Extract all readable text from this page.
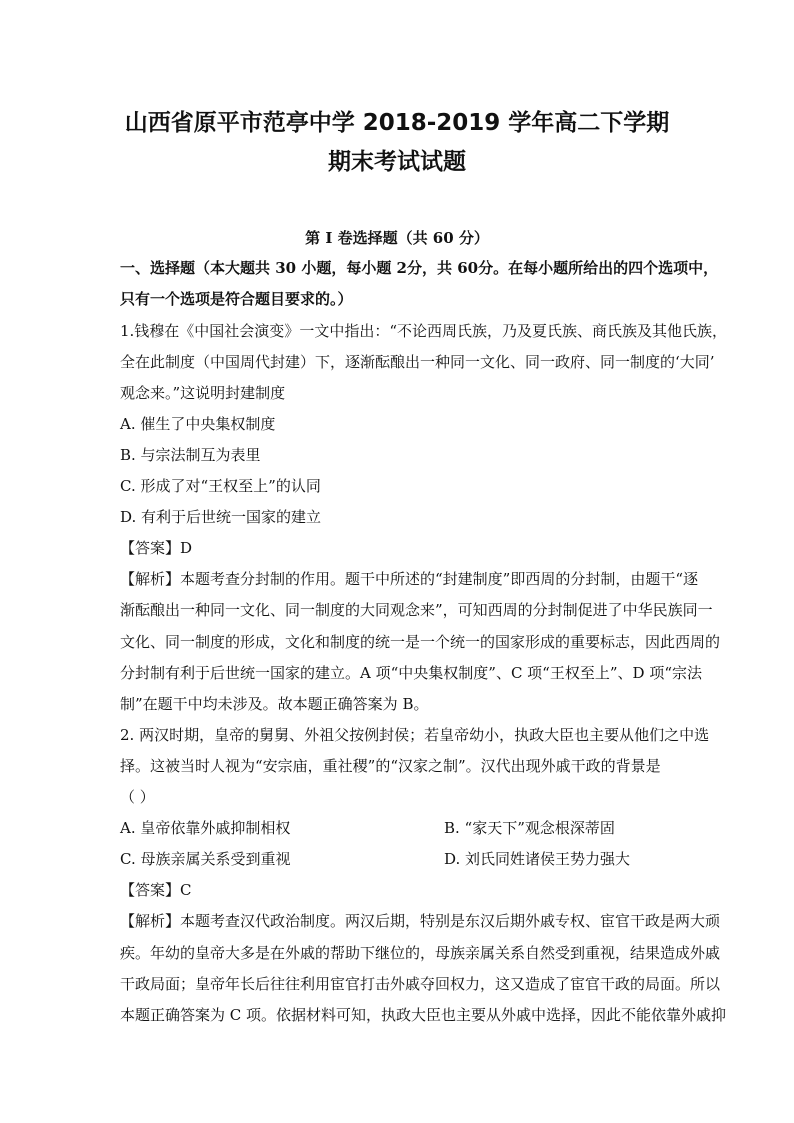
山西省原平市范亭中学 2018-2019 学年高二下学期
期末考试试题
第 I 卷选择题（共 60 分）
一、选择题（本大题共 30 小题，每小题 2分，共 60分。在每小题所给出的四个选项中，
只有一个选项是符合题目要求的。）
1.钱穆在《中国社会演变》一文中指出：“不论西周氏族，乃及夏氏族、商氏族及其他氏族，
全在此制度（中国周代封建）下，逐渐酝酿出一种同一文化、同一政府、同一制度的‘大同’
观念来。”这说明封建制度
A. 催生了中央集权制度
B. 与宗法制互为表里
C. 形成了对“王权至上”的认同
D. 有利于后世统一国家的建立
【答案】D
【解析】本题考查分封制的作用。题干中所述的“封建制度”即西周的分封制，由题干“逐
渐酝酿出一种同一文化、同一制度的大同观念来”，可知西周的分封制促进了中华民族同一
文化、同一制度的形成，文化和制度的统一是一个统一的国家形成的重要标志，因此西周的
分封制有利于后世统一国家的建立。A 项“中央集权制度”、C 项“王权至上”、D 项“宗法
制”在题干中均未涉及。故本题正确答案为 B。
2. 两汉时期，皇帝的舅舅、外祖父按例封侯；若皇帝幼小，执政大臣也主要从他们之中选
择。这被当时人视为“安宗庙，重社稷”的“汉家之制”。汉代出现外戚干政的背景是
（ ）
A. 皇帝依靠外戚抑制相权	B. “家天下”观念根深蒂固
C. 母族亲属关系受到重视	D. 刘氏同姓诸侯王势力强大
【答案】C
【解析】本题考查汉代政治制度。两汉后期，特别是东汉后期外戚专权、宦官干政是两大顽
疾。年幼的皇帝大多是在外戚的帮助下继位的，母族亲属关系自然受到重视，结果造成外戚
干政局面；皇帝年长后往往利用宦官打击外戚夺回权力，这又造成了宦官干政的局面。所以
本题正确答案为 C 项。依据材料可知，执政大臣也主要从外戚中选择，因此不能依靠外戚抑
